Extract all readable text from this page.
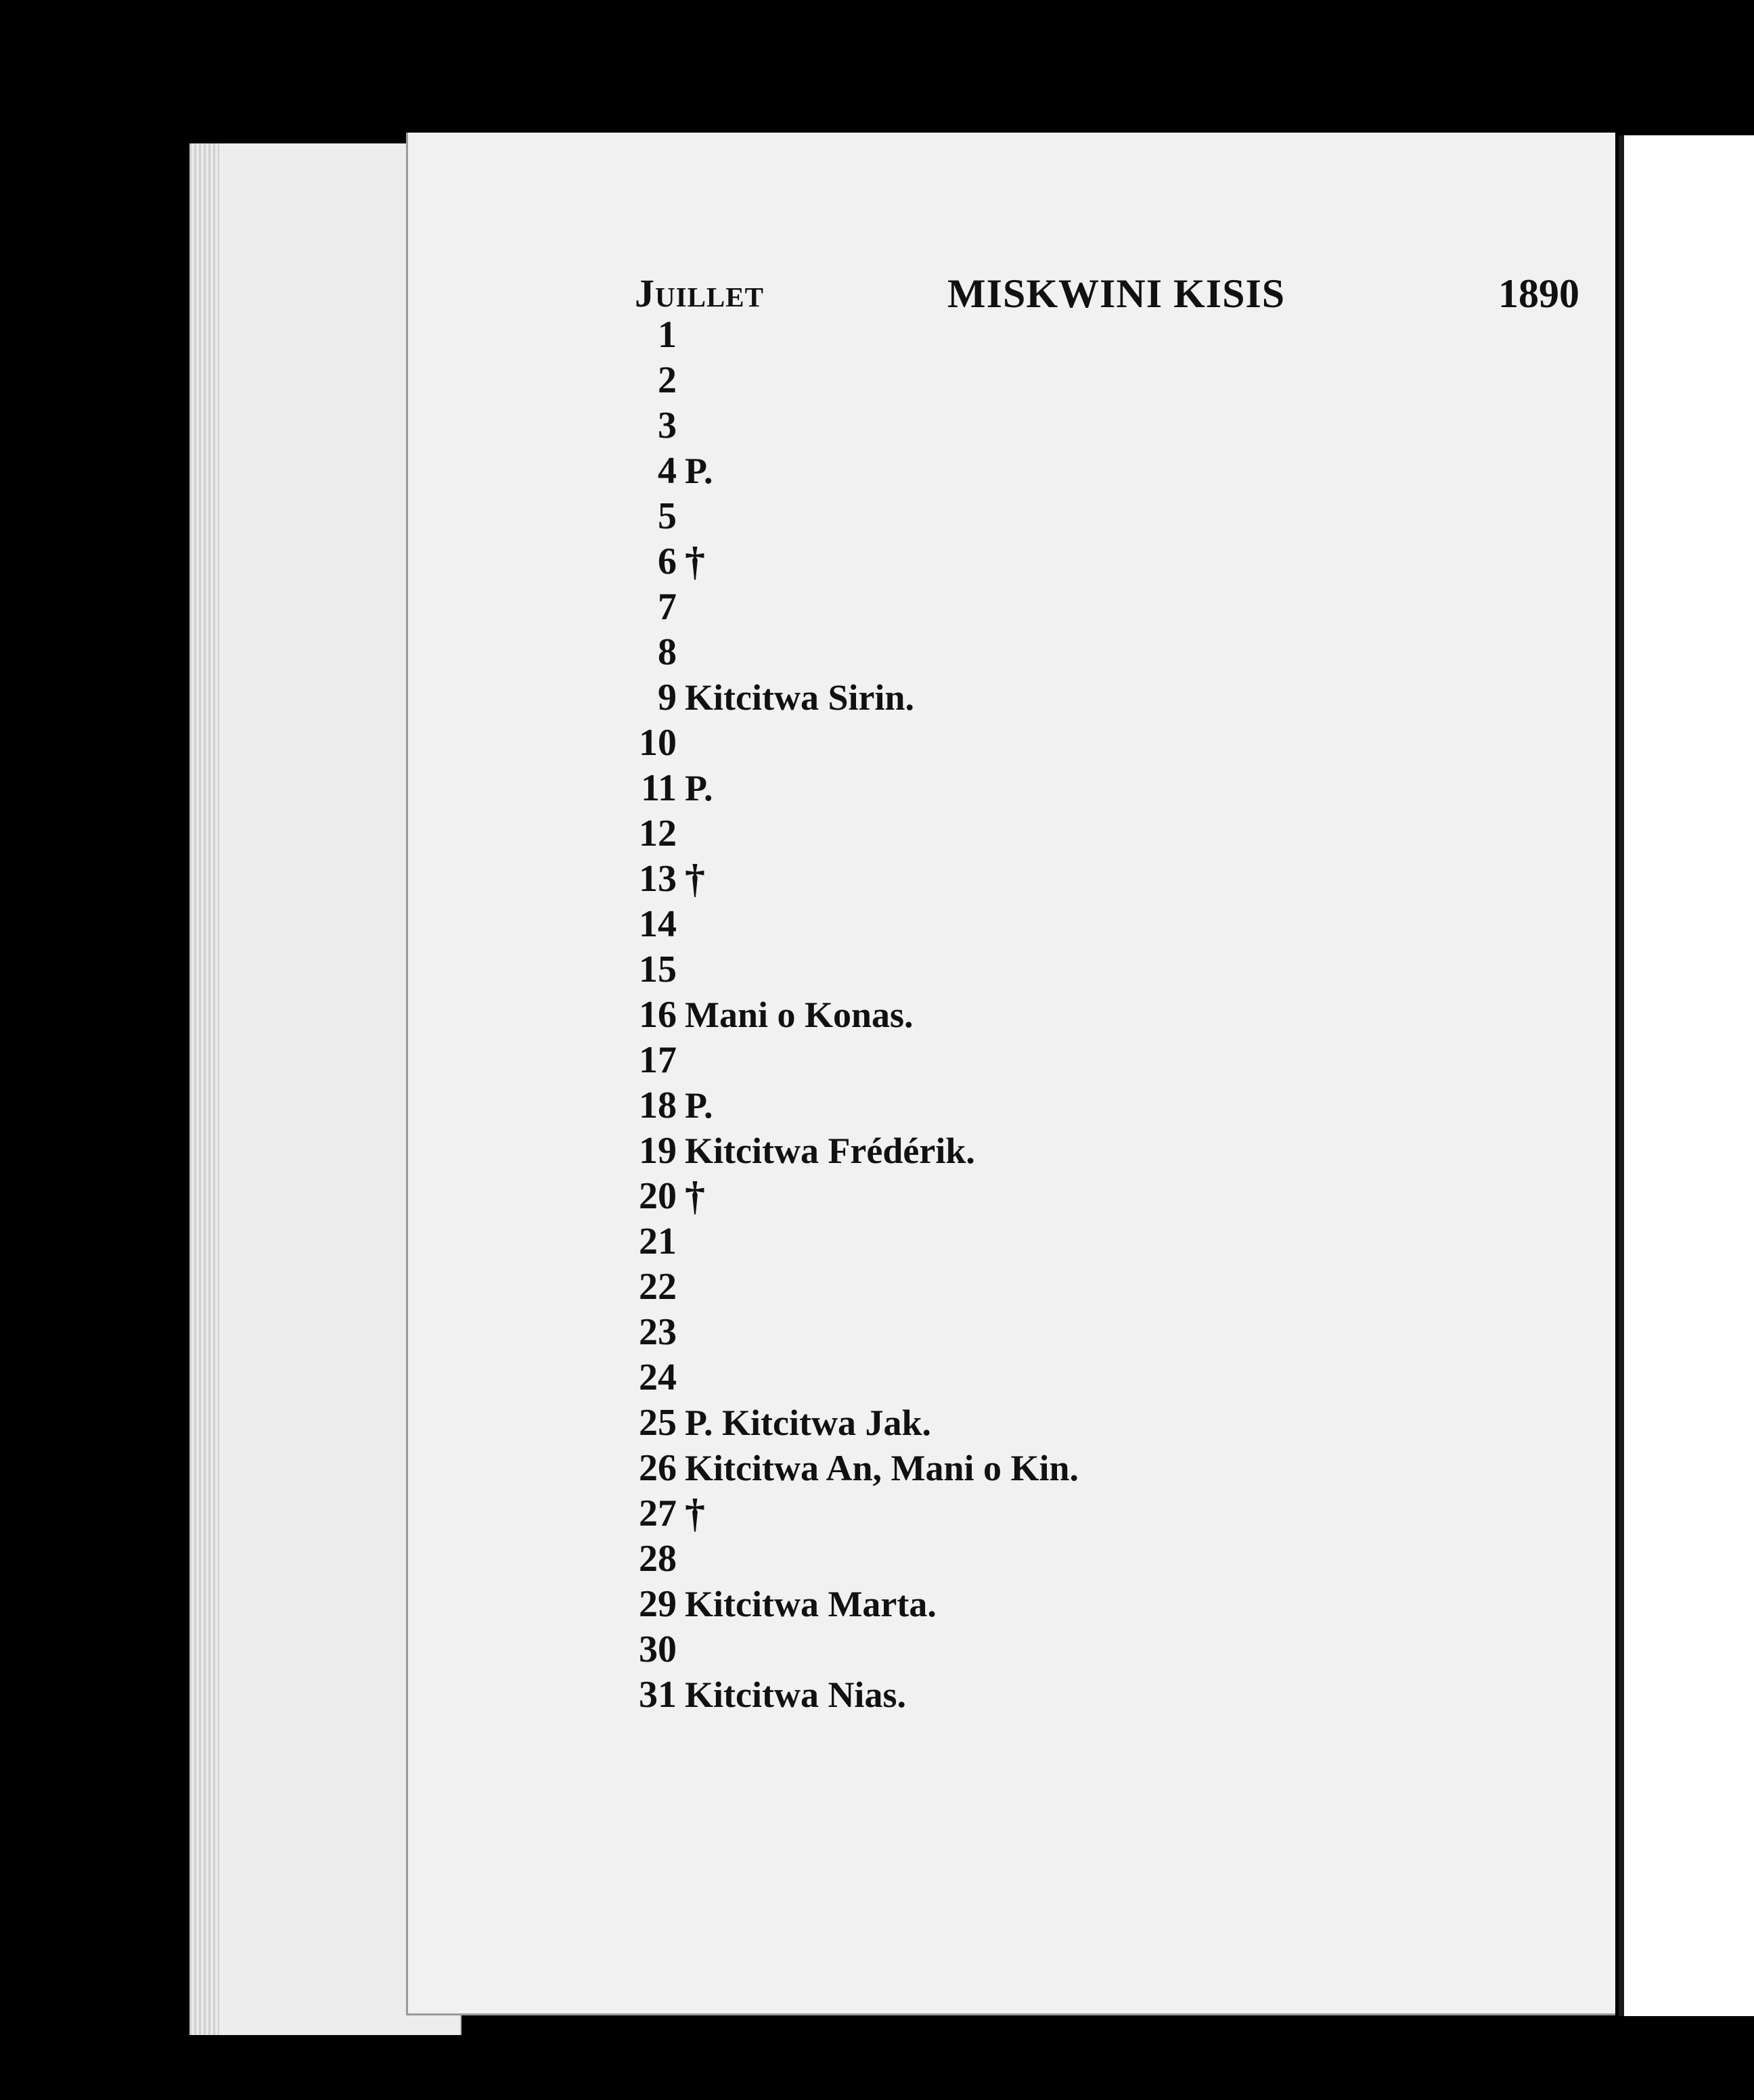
Juillet	MISKWINI KISIS	1890
1
2
3
4 P.
5
6 †
7
8
9 Kitcitwa Sirin.
10
11 P.
12
13 †
14
15
16 Mani o Konas.
17
18 P.
19 Kitcitwa Frédérik.
20 †
21
22
23
24
25 P. Kitcitwa Jak.
26 Kitcitwa An, Mani o Kin.
27 †
28
29 Kitcitwa Marta.
30
31 Kitcitwa Nias.
